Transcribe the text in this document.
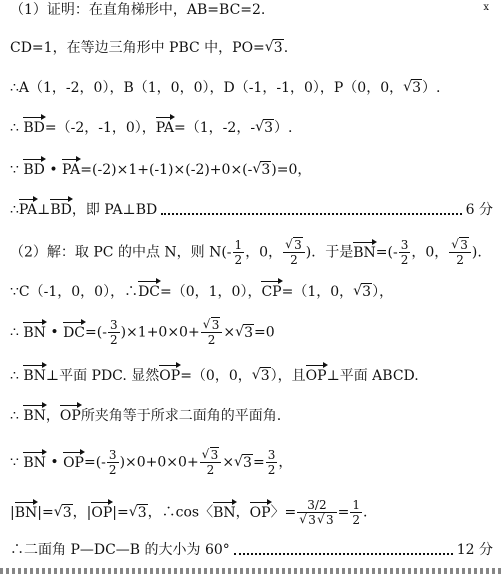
x
（1）证明：在直角梯形中，AB=BC=2.
CD=1，在等边三角形中 PBC 中，PO= √ 3.
∴A（1，-2，0），B（1，0，0），D（-1，-1，0），P（0，0， √ 3）.
∴ BD=（-2，-1，0），PA=（1，-2，- √ 3）.
∵ BD • PA=(-2)×1+(-1)×(-2)+0×(- √ 3)=0，
∴ PA ⊥ BD ，即 PA⊥BD	6 分
（2）解：取 PC 的中点 N，则 $N(- \frac{1}{2}$ ，0， √ $\frac{3}{2}$ )．于是$BN=(- \frac{3}{2}$ ，0， √ $\frac{3}{2}$ ).
∵C（-1，0，0），∴DC=（0，1，0），CP=（1，0， √ 3），
∴ BN • $DC=(- \frac{3}{2} )\times 1+0\times 0+$ √ $\frac{3}{2}$ × √ 3=0
∴ BN⊥平面 PDC. 显然OP=（0，0， √ 3），且OP⊥平面 ABCD.
∴ BN，OP所夹角等于所求二面角的平面角.
∵ BN • $OP=(- \frac{3}{2} )\times 0+0\times 0+$ √ $\frac{3}{2}$ × √ $3= \frac{3}{2}$ ，
|BN|= √ 3，|OP|= √ 3，∴cos〈BN，OP〉= 3/2
√ 3 √ $3 = \frac{1}{2}$ .
∴二面角 P—DC—B 的大小为 60°	12 分
